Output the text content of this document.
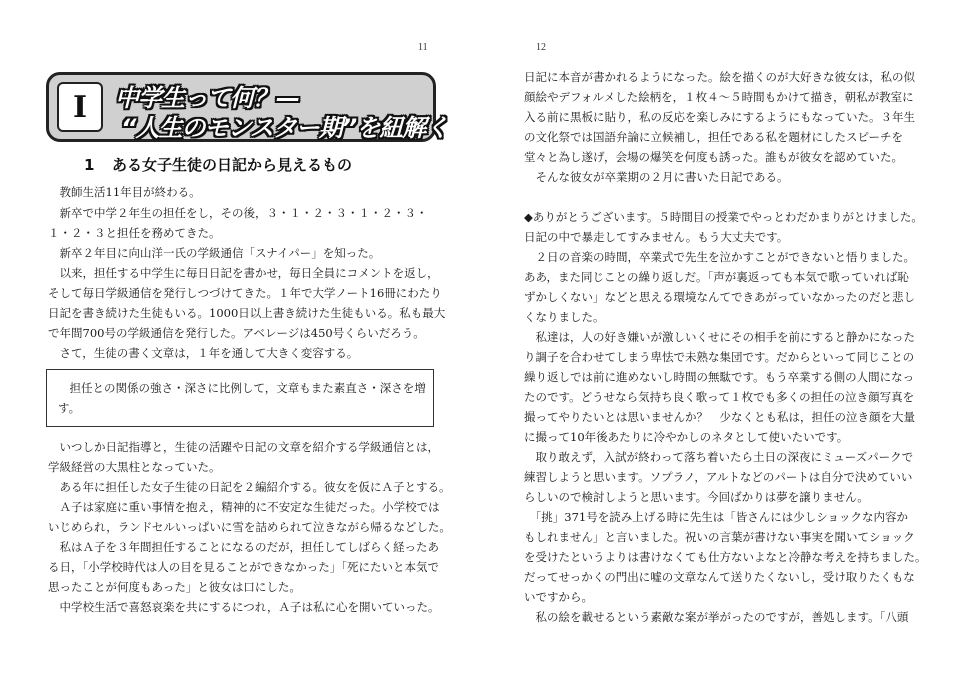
11	12
I	中学生って何？—
“人生のモンスター期”を紐解く
1 ある女子生徒の日記から見えるもの
　教師生活11年目が終わる。
　新卒で中学２年生の担任をし，その後，３・１・２・３・１・２・３・
１・２・３と担任を務めてきた。
　新卒２年目に向山洋一氏の学級通信「スナイパー」を知った。
　以来，担任する中学生に毎日日記を書かせ，毎日全員にコメントを返し，
そして毎日学級通信を発行しつづけてきた。１年で大学ノート16冊にわたり
日記を書き続けた生徒もいる。1000日以上書き続けた生徒もいる。私も最大
で年間700号の学級通信を発行した。アベレージは450号くらいだろう。
　さて，生徒の書く文章は，１年を通して大きく変容する。
　担任との関係の強さ・深さに比例して，文章もまた素直さ・深さを増
す。
　いつしか日記指導と，生徒の活躍や日記の文章を紹介する学級通信とは，
学級経営の大黒柱となっていた。
　ある年に担任した女子生徒の日記を２編紹介する。彼女を仮にＡ子とする。
　Ａ子は家庭に重い事情を抱え，精神的に不安定な生徒だった。小学校では
いじめられ，ランドセルいっぱいに雪を詰められて泣きながら帰るなどした。
　私はＡ子を３年間担任することになるのだが，担任してしばらく経ったあ
る日，「小学校時代は人の目を見ることができなかった」「死にたいと本気で
思ったことが何度もあった」と彼女は口にした。
　中学校生活で喜怒哀楽を共にするにつれ，Ａ子は私に心を開いていった。
日記に本音が書かれるようになった。絵を描くのが大好きな彼女は，私の似
顔絵やデフォルメした絵柄を，１枚４～５時間もかけて描き，朝私が教室に
入る前に黒板に貼り，私の反応を楽しみにするようにもなっていた。３年生
の文化祭では国語弁論に立候補し，担任である私を題材にしたスピーチを
堂々と為し遂げ，会場の爆笑を何度も誘った。誰もが彼女を認めていた。
　そんな彼女が卒業期の２月に書いた日記である。
◆ありがとうございます。５時間目の授業でやっとわだかまりがとけました。
日記の中で暴走してすみません。もう大丈夫です。
　２日の音楽の時間，卒業式で先生を泣かすことができないと悟りました。
ああ，また同じことの繰り返しだ。「声が裏返っても本気で歌っていれば恥
ずかしくない」などと思える環境なんてできあがっていなかったのだと悲し
くなりました。
　私達は，人の好き嫌いが激しいくせにその相手を前にすると静かになった
り調子を合わせてしまう卑怯で未熟な集団です。だからといって同じことの
繰り返しでは前に進めないし時間の無駄です。もう卒業する側の人間になっ
たのです。どうせなら気持ち良く歌って１枚でも多くの担任の泣き顔写真を
撮ってやりたいとは思いませんか？　少なくとも私は，担任の泣き顔を大量
に撮って10年後あたりに冷やかしのネタとして使いたいです。
　取り敢えず，入試が終わって落ち着いたら土日の深夜にミューズパークで
練習しようと思います。ソプラノ，アルトなどのパートは自分で決めていい
らしいので検討しようと思います。今回ばかりは夢を譲りません。
　「挑」371号を読み上げる時に先生は「皆さんには少しショックな内容か
もしれません」と言いました。祝いの言葉が書けない事実を聞いてショック
を受けたというよりは書けなくても仕方ないよなと冷静な考えを持ちました。
だってせっかくの門出に嘘の文章なんて送りたくないし，受け取りたくもな
いですから。
　私の絵を載せるという素敵な案が挙がったのですが，善処します。「八頭
